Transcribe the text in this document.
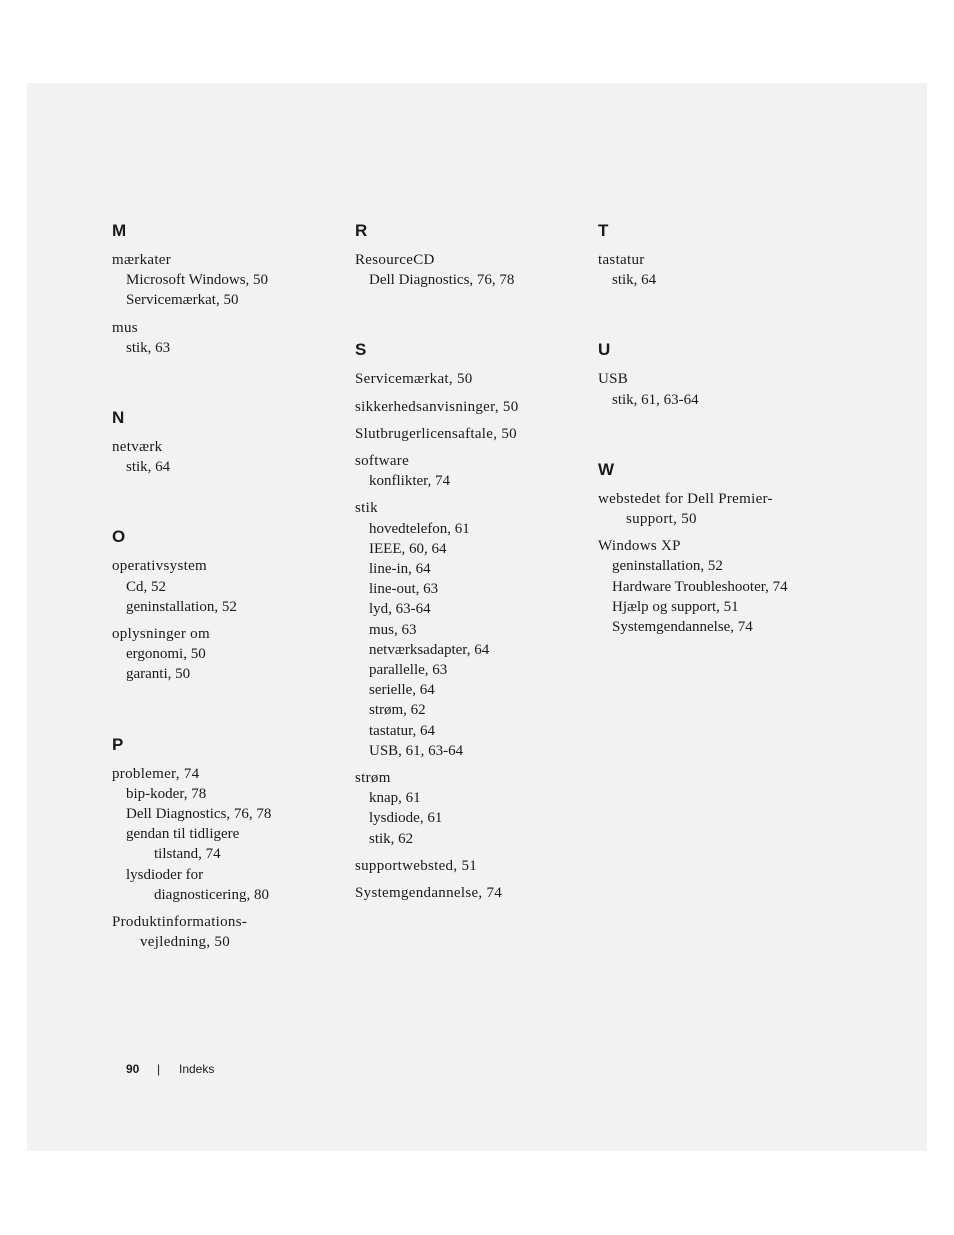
M
mærkater
Microsoft Windows, 50
Servicemærkat, 50
mus
stik, 63
N
netværk
stik, 64
O
operativsystem
Cd, 52
geninstallation, 52
oplysninger om
ergonomi, 50
garanti, 50
P
problemer, 74
bip-koder, 78
Dell Diagnostics, 76, 78
gendan til tidligere
tilstand, 74
lysdioder for
diagnosticering, 80
Produktinformations-
vejledning, 50
R
ResourceCD
Dell Diagnostics, 76, 78
S
Servicemærkat, 50
sikkerhedsanvisninger, 50
Slutbrugerlicensaftale, 50
software
konflikter, 74
stik
hovedtelefon, 61
IEEE, 60, 64
line-in, 64
line-out, 63
lyd, 63-64
mus, 63
netværksadapter, 64
parallelle, 63
serielle, 64
strøm, 62
tastatur, 64
USB, 61, 63-64
strøm
knap, 61
lysdiode, 61
stik, 62
supportwebsted, 51
Systemgendannelse, 74
T
tastatur
stik, 64
U
USB
stik, 61, 63-64
W
webstedet for Dell Premier-
support, 50
Windows XP
geninstallation, 52
Hardware Troubleshooter, 74
Hjælp og support, 51
Systemgendannelse, 74
90 | Indeks
